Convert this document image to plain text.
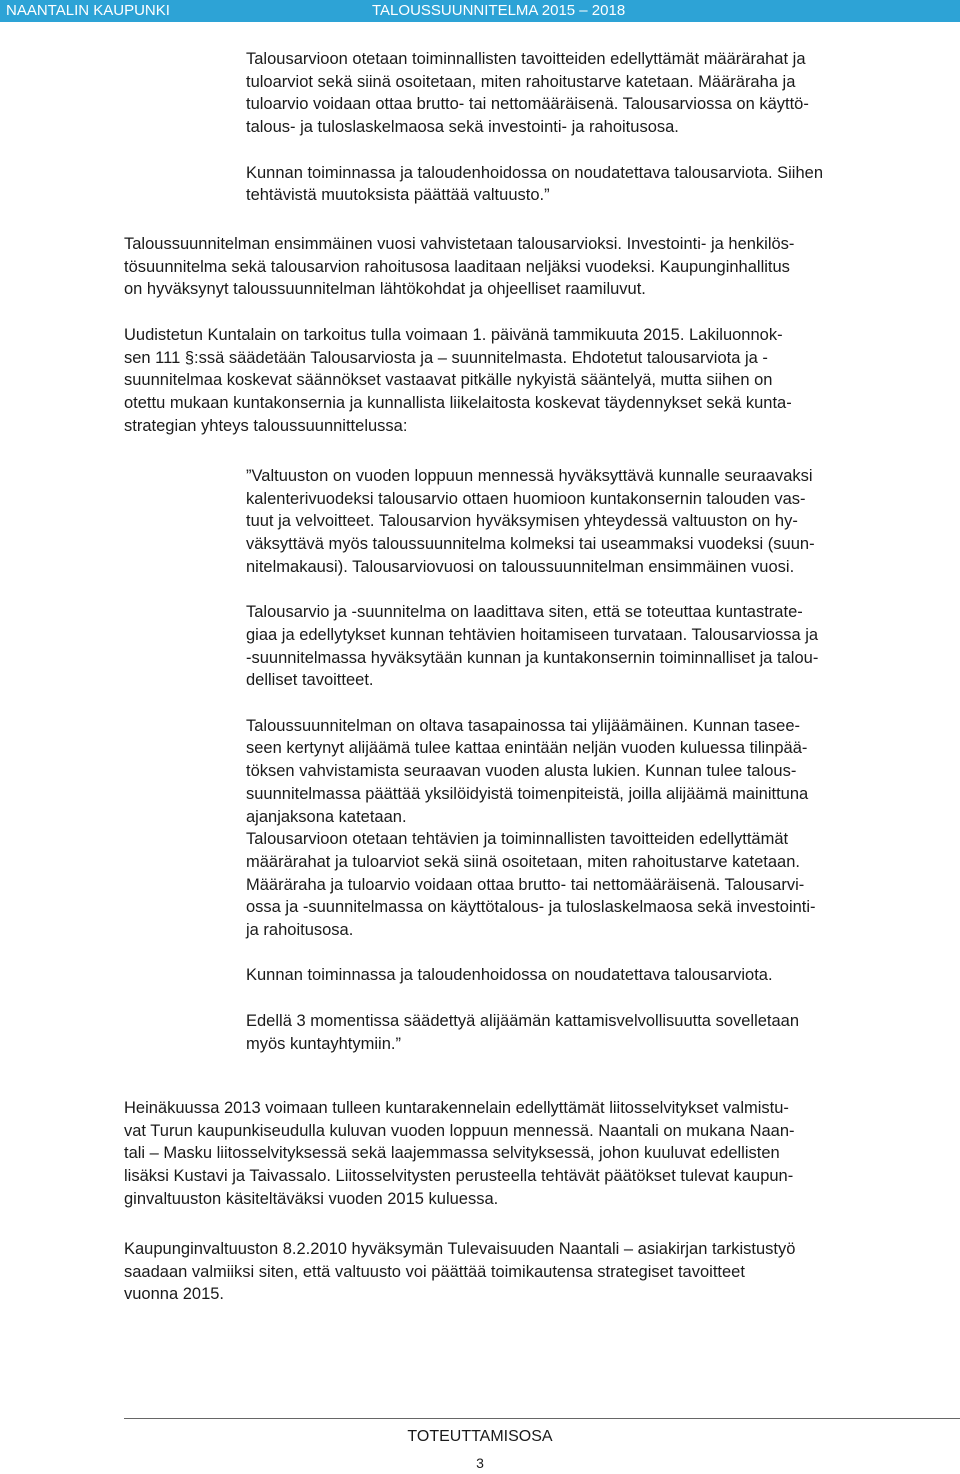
NAANTALIN KAUPUNKI	TALOUSSUUNNITELMA 2015 – 2018
Talousarvioon otetaan toiminnallisten tavoitteiden edellyttämät määrärahat ja
tuloarviot sekä siinä osoitetaan, miten rahoitustarve katetaan. Määräraha ja
tuloarvio voidaan ottaa brutto- tai nettomääräisenä. Talousarviossa on käyttö-
talous- ja tuloslaskelmaosa sekä investointi- ja rahoitusosa.
Kunnan toiminnassa ja taloudenhoidossa on noudatettava talousarviota. Siihen
tehtävistä muutoksista päättää valtuusto.”
Taloussuunnitelman ensimmäinen vuosi vahvistetaan talousarvioksi. Investointi- ja henkilös-
tösuunnitelma sekä talousarvion rahoitusosa laaditaan neljäksi vuodeksi. Kaupunginhallitus
on hyväksynyt taloussuunnitelman lähtökohdat ja ohjeelliset raamiluvut.
Uudistetun Kuntalain on tarkoitus tulla voimaan 1. päivänä tammikuuta 2015. Lakiluonnok-
sen 111 §:ssä säädetään Talousarviosta ja – suunnitelmasta. Ehdotetut talousarviota ja -
suunnitelmaa koskevat säännökset vastaavat pitkälle nykyistä sääntelyä, mutta siihen on
otettu mukaan kuntakonsernia ja kunnallista liikelaitosta koskevat täydennykset sekä kunta-
strategian yhteys taloussuunnittelussa:
”Valtuuston on vuoden loppuun mennessä hyväksyttävä kunnalle seuraavaksi
kalenterivuodeksi talousarvio ottaen huomioon kuntakonsernin talouden vas-
tuut ja velvoitteet. Talousarvion hyväksymisen yhteydessä valtuuston on hy-
väksyttävä myös taloussuunnitelma kolmeksi tai useammaksi vuodeksi (suun-
nitelmakausi). Talousarviovuosi on taloussuunnitelman ensimmäinen vuosi.
Talousarvio ja -suunnitelma on laadittava siten, että se toteuttaa kuntastrate-
giaa ja edellytykset kunnan tehtävien hoitamiseen turvataan. Talousarviossa ja
-suunnitelmassa hyväksytään kunnan ja kuntakonsernin toiminnalliset ja talou-
delliset tavoitteet.
Taloussuunnitelman on oltava tasapainossa tai ylijäämäinen. Kunnan tasee-
seen kertynyt alijäämä tulee kattaa enintään neljän vuoden kuluessa tilinpää-
töksen vahvistamista seuraavan vuoden alusta lukien. Kunnan tulee talous-
suunnitelmassa päättää yksilöidyistä toimenpiteistä, joilla alijäämä mainittuna
ajanjaksona katetaan.
Talousarvioon otetaan tehtävien ja toiminnallisten tavoitteiden edellyttämät
määrärahat ja tuloarviot sekä siinä osoitetaan, miten rahoitustarve katetaan.
Määräraha ja tuloarvio voidaan ottaa brutto- tai nettomääräisenä. Talousarvi-
ossa ja -suunnitelmassa on käyttötalous- ja tuloslaskelmaosa sekä investointi-
ja rahoitusosa.
Kunnan toiminnassa ja taloudenhoidossa on noudatettava talousarviota.
Edellä 3 momentissa säädettyä alijäämän kattamisvelvollisuutta sovelletaan
myös kuntayhtymiin.”
Heinäkuussa 2013 voimaan tulleen kuntarakennelain edellyttämät liitosselvitykset valmistu-
vat Turun kaupunkiseudulla kuluvan vuoden loppuun mennessä. Naantali on mukana Naan-
tali – Masku liitosselvityksessä sekä laajemmassa selvityksessä, johon kuuluvat edellisten
lisäksi Kustavi ja Taivassalo. Liitosselvitysten perusteella tehtävät päätökset tulevat kaupun-
ginvaltuuston käsiteltäväksi vuoden 2015 kuluessa.
Kaupunginvaltuuston 8.2.2010 hyväksymän Tulevaisuuden Naantali – asiakirjan tarkistustyö
saadaan valmiiksi siten, että valtuusto voi päättää toimikautensa strategiset tavoitteet
vuonna 2015.
TOTEUTTAMISOSA
3
